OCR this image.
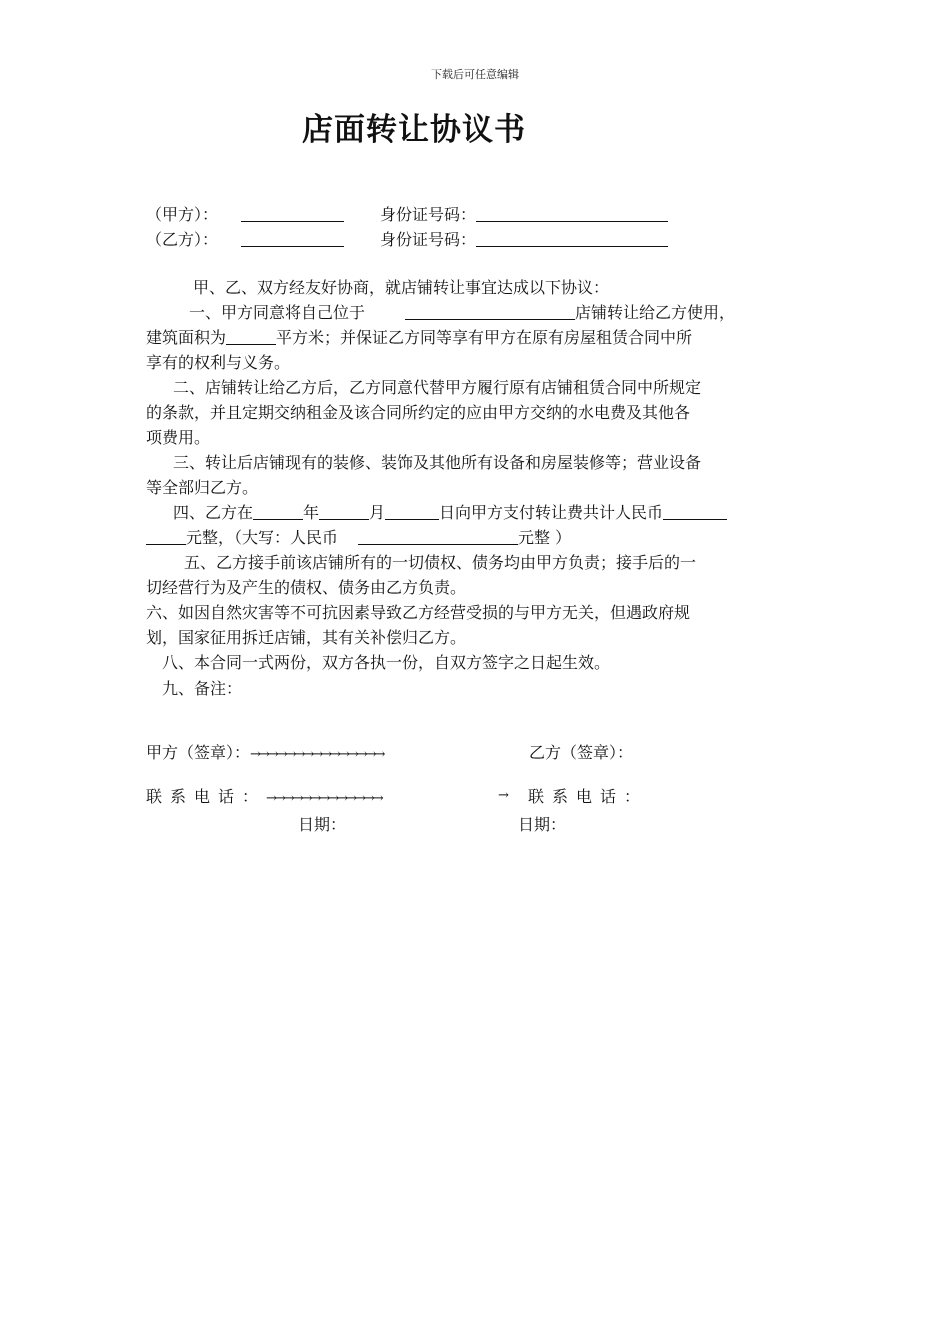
下载后可任意编辑
店面转让协议书
（甲方）：	身份证号码：
（乙方）：	身份证号码：
甲、乙、双方经友好协商，就店铺转让事宜达成以下协议：
一、甲方同意将自己位于	店铺转让给乙方使用，
建筑面积为	平方米；并保证乙方同等享有甲方在原有房屋租赁合同中所
享有的权利与义务。
二、店铺转让给乙方后，乙方同意代替甲方履行原有店铺租赁合同中所规定
的条款，并且定期交纳租金及该合同所约定的应由甲方交纳的水电费及其他各
项费用。
三、转让后店铺现有的装修、装饰及其他所有设备和房屋装修等；营业设备
等全部归乙方。
四、乙方在	年	月	日向甲方支付转让费共计人民币
元整，（大写：人民币	元整 ）
五、乙方接手前该店铺所有的一切债权、债务均由甲方负责；接手后的一
切经营行为及产生的债权、债务由乙方负责。
六、如因自然灾害等不可抗因素导致乙方经营受损的与甲方无关，但遇政府规
划，国家征用拆迁店铺，其有关补偿归乙方。
八、本合同一式两份，双方各执一份，自双方签字之日起生效。
九、备注：
甲方（签章）：→→→→→→→→→→→→→→→	乙方（签章）：
联系电话：→→→→→→→→→→→→→	→ 联系电话：
日期：	日期：
